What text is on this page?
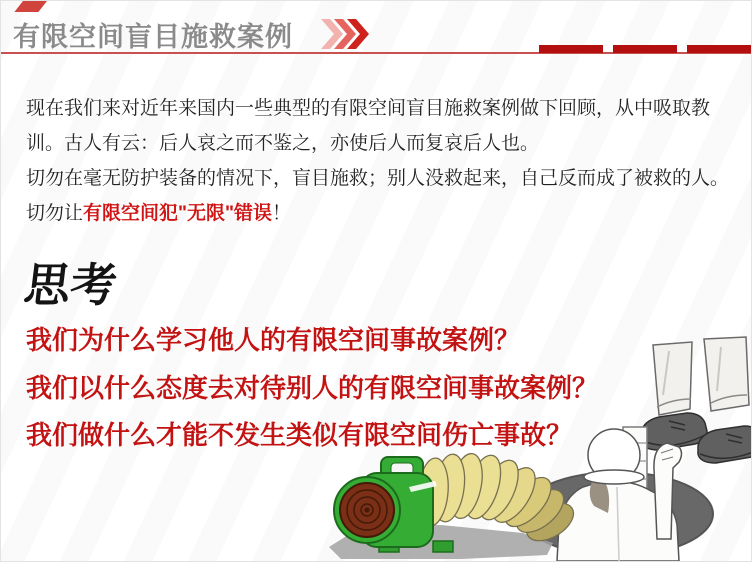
有限空间盲目施救案例

现在我们来对近年来国内一些典型的有限空间盲目施救案例做下回顾，从中吸取教训。古人有云：后人哀之而不鉴之，亦使后人而复哀后人也。

切勿在毫无防护装备的情况下，盲目施救；别人没救起来，自己反而成了被救的人。

切勿让有限空间犯"无限"错误！

思考
我们为什么学习他人的有限空间事故案例？
我们以什么态度去对待别人的有限空间事故案例？
我们做什么才能不发生类似有限空间伤亡事故？
